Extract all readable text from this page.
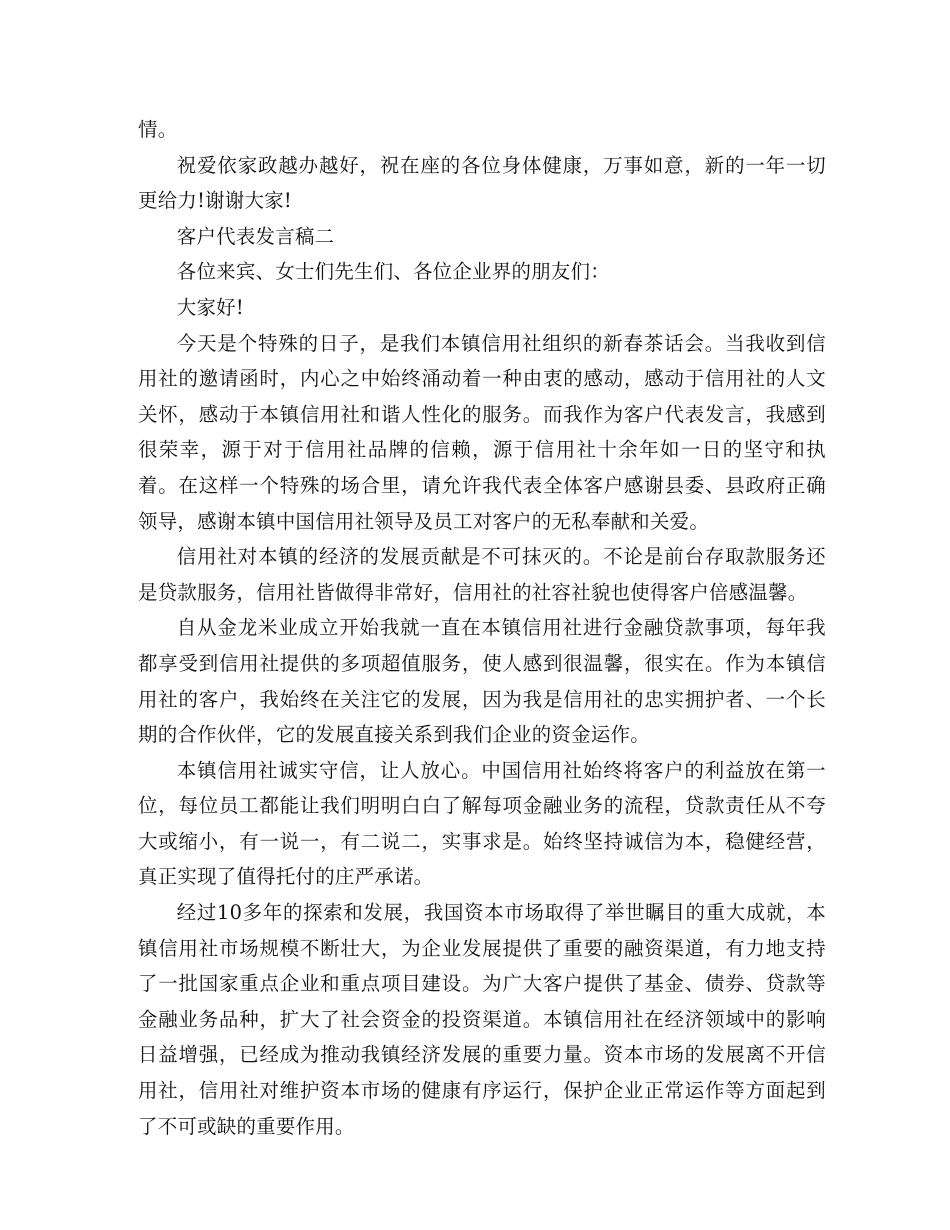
情。

祝爱依家政越办越好，祝在座的各位身体健康，万事如意，新的一年一切更给力!谢谢大家!

客户代表发言稿二

各位来宾、女士们先生们、各位企业界的朋友们：

大家好!

今天是个特殊的日子，是我们本镇信用社组织的新春茶话会。当我收到信用社的邀请函时，内心之中始终涌动着一种由衷的感动，感动于信用社的人文关怀，感动于本镇信用社和谐人性化的服务。而我作为客户代表发言，我感到很荣幸，源于对于信用社品牌的信赖，源于信用社十余年如一日的坚守和执着。在这样一个特殊的场合里，请允许我代表全体客户感谢县委、县政府正确领导，感谢本镇中国信用社领导及员工对客户的无私奉献和关爱。

信用社对本镇的经济的发展贡献是不可抹灭的。不论是前台存取款服务还是贷款服务，信用社皆做得非常好，信用社的社容社貌也使得客户倍感温馨。

自从金龙米业成立开始我就一直在本镇信用社进行金融贷款事项，每年我都享受到信用社提供的多项超值服务，使人感到很温馨，很实在。作为本镇信用社的客户，我始终在关注它的发展，因为我是信用社的忠实拥护者、一个长期的合作伙伴，它的发展直接关系到我们企业的资金运作。

本镇信用社诚实守信，让人放心。中国信用社始终将客户的利益放在第一位，每位员工都能让我们明明白白了解每项金融业务的流程，贷款责任从不夸大或缩小，有一说一，有二说二，实事求是。始终坚持诚信为本，稳健经营，真正实现了值得托付的庄严承诺。

经过10多年的探索和发展，我国资本市场取得了举世瞩目的重大成就，本镇信用社市场规模不断壮大，为企业发展提供了重要的融资渠道，有力地支持了一批国家重点企业和重点项目建设。为广大客户提供了基金、债券、贷款等金融业务品种，扩大了社会资金的投资渠道。本镇信用社在经济领域中的影响日益增强，已经成为推动我镇经济发展的重要力量。资本市场的发展离不开信用社，信用社对维护资本市场的健康有序运行，保护企业正常运作等方面起到了不可或缺的重要作用。
